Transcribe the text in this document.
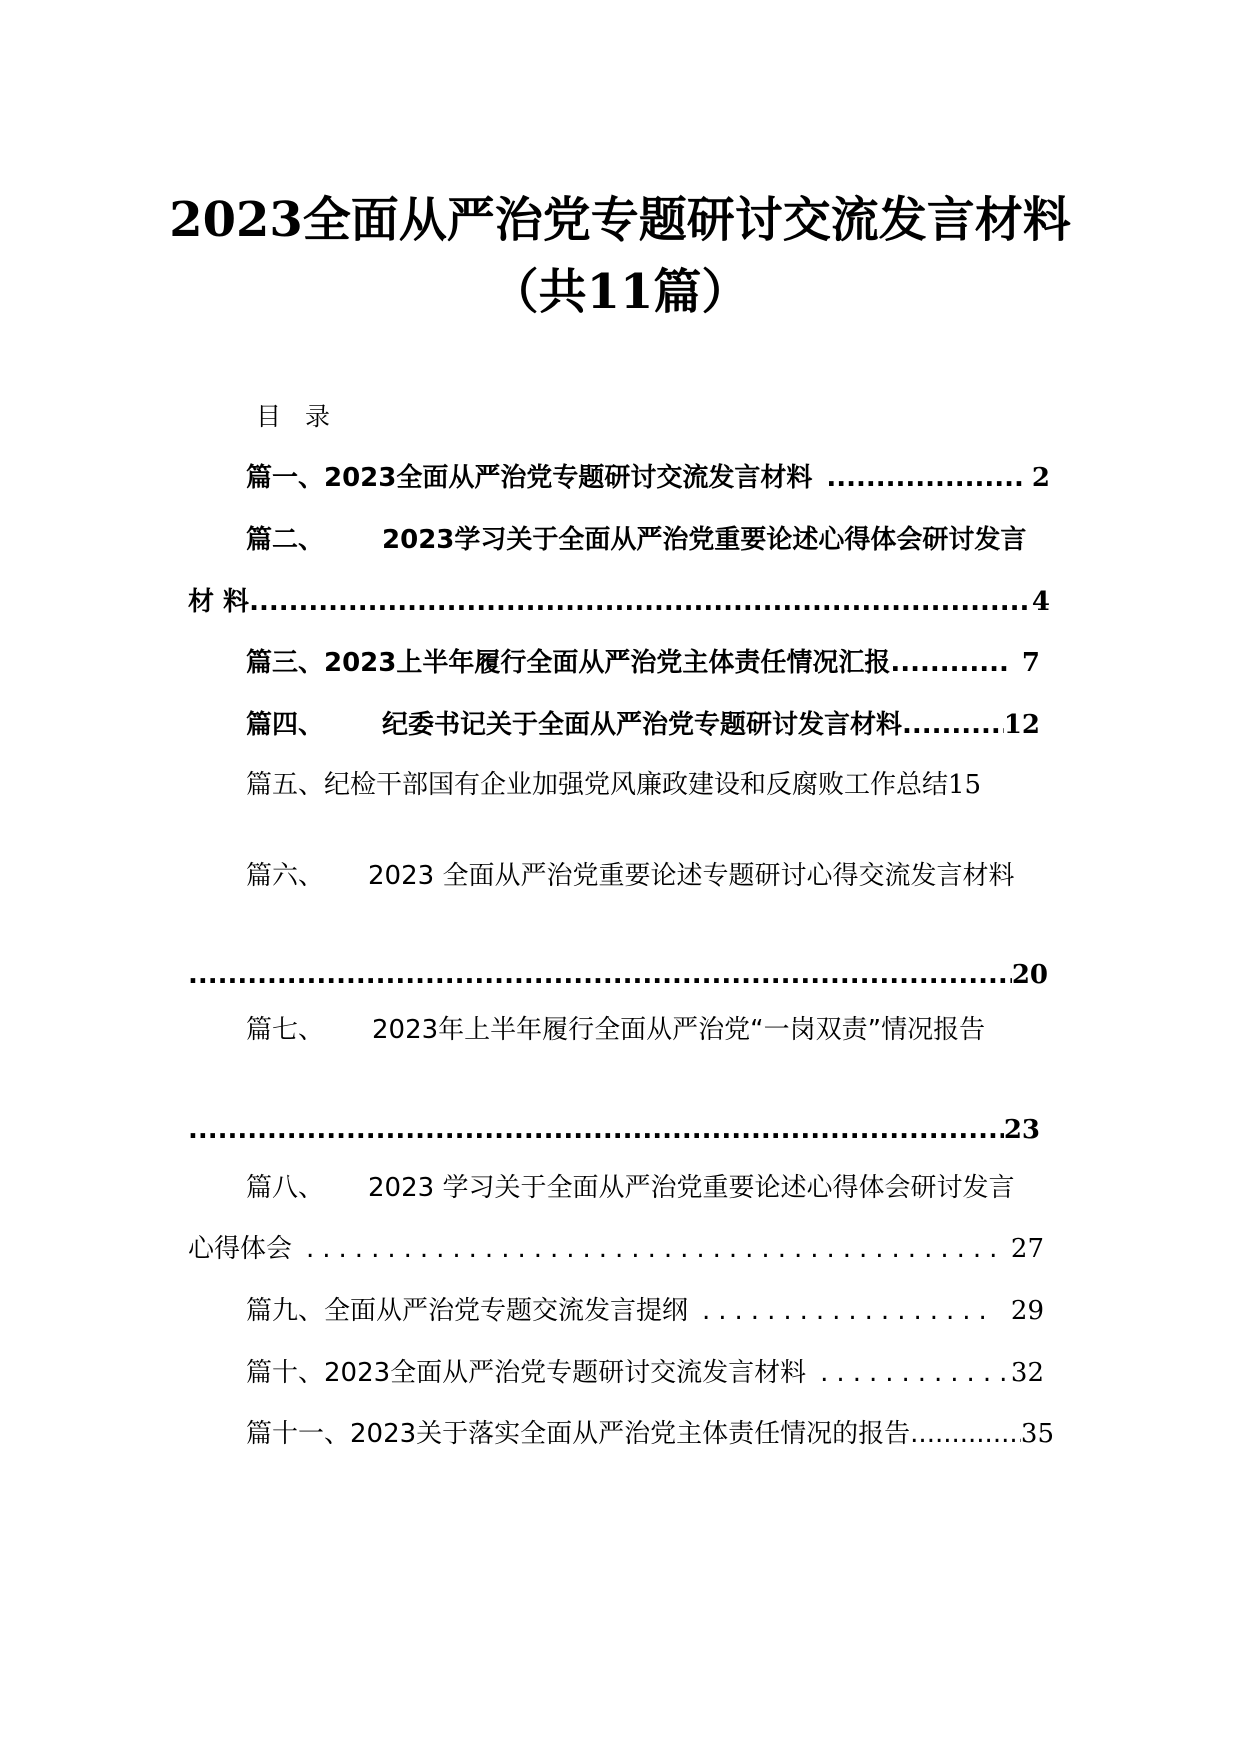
2023全面从严治党专题研讨交流发言材料
（共11篇）
目录
篇一、2023全面从严治党专题研讨交流发言材料 .....	2
篇二、 2023学习关于全面从严治党重要论述心得体会研讨发言
材 料 .....	4
篇三、2023上半年履行全面从严治党主体责任情况汇报 .....	7
篇四、 纪委书记关于全面从严治党专题研讨发言材料 .....	12
篇五、纪检干部国有企业加强党风廉政建设和反腐败工作总结 15
篇六、 2023 全面从严治党重要论述专题研讨心得交流发言材料
.....
20
篇七、 2023年上半年履行全面从严治党“一岗双责”情况报告
.....
23
篇八、 2023 学习关于全面从严治党重要论述心得体会研讨发言
心得体会 .....	27
篇九、全面从严治党专题交流发言提纲 .....	29
篇十、2023全面从严治党专题研讨交流发言材料 .....	32
篇十一、2023关于落实全面从严治党主体责任情况的报告 .....	35
